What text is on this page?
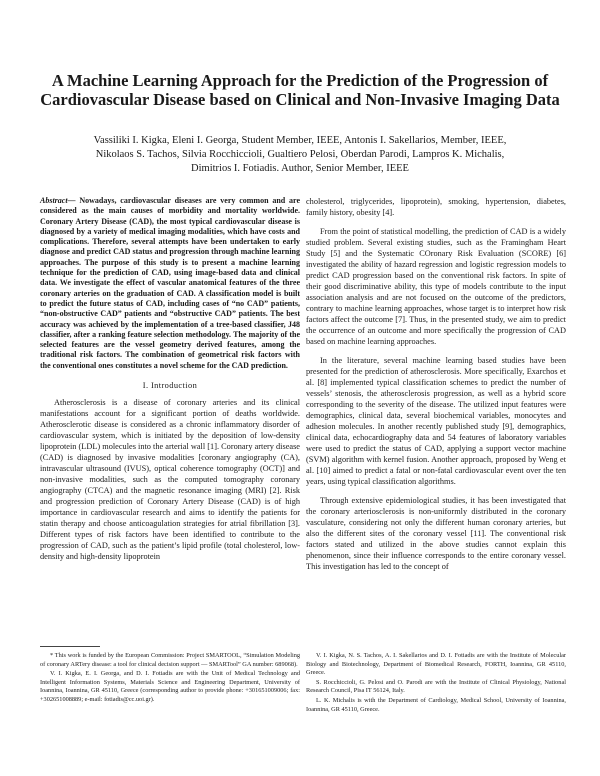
A Machine Learning Approach for the Prediction of the Progression of Cardiovascular Disease based on Clinical and Non-Invasive Imaging Data
Vassiliki I. Kigka, Eleni I. Georga, Student Member, IEEE, Antonis I. Sakellarios, Member, IEEE,
Nikolaos S. Tachos, Silvia Rocchiccioli, Gualtiero Pelosi, Oberdan Parodi, Lampros K. Michalis,
Dimitrios I. Fotiadis. Author, Senior Member, IEEE

Abstract— Nowadays, cardiovascular diseases are very common and are considered as the main causes of morbidity and mortality worldwide. Coronary Artery Disease (CAD), the most typical cardiovascular disease is diagnosed by a variety of medical imaging modalities, which have costs and complications. Therefore, several attempts have been undertaken to early diagnose and predict CAD status and progression through machine learning approaches. The purpose of this study is to present a machine learning technique for the prediction of CAD, using image-based data and clinical data. We investigate the effect of vascular anatomical features of the three coronary arteries on the graduation of CAD. A classification model is built to predict the future status of CAD, including cases of “no CAD” patients, “non-obstructive CAD” patients and “obstructive CAD” patients. The best accuracy was achieved by the implementation of a tree-based classifier, J48 classifier, after a ranking feature selection methodology. The majority of the selected features are the vessel geometry derived features, among the traditional risk factors. The combination of geometrical risk factors with the conventional ones constitutes a novel scheme for the CAD prediction.

I. Introduction

Atherosclerosis is a disease of coronary arteries and its clinical manifestations account for a significant portion of deaths worldwide. Atherosclerotic disease is considered as a chronic inflammatory disorder of cardiovascular system, which is initiated by the deposition of low-density lipoprotein (LDL) molecules into the arterial wall [1]. Coronary artery disease (CAD) is diagnosed by invasive modalities [coronary angiography (CA), intravascular ultrasound (IVUS), optical coherence tomography (OCT)] and non-invasive modalities, such as the computed tomography coronary angiography (CTCA) and the magnetic resonance imaging (MRI) [2]. Risk and progression prediction of Coronary Artery Disease (CAD) is of high importance in cardiovascular research and aims to identify the patients for statin therapy and choose anticoagulation strategies for atrial fibrillation [3]. Different types of risk factors have been identified to contribute to the progression of CAD, such as the patient’s lipid profile (total cholesterol, low-density and high-density lipoprotein

cholesterol, triglycerides, lipoprotein), smoking, hypertension, diabetes, family history, obesity [4].

From the point of statistical modelling, the prediction of CAD is a widely studied problem. Several existing studies, such as the Framingham Heart Study [5] and the Systematic COronary Risk Evaluation (SCORE) [6] investigated the ability of hazard regression and logistic regression models to predict CAD progression based on the conventional risk factors. In spite of their good discriminative ability, this type of models contribute to the input association analysis and are not focused on the outcome of the predictors, contrary to machine learning approaches, whose target is to interpret how risk factors affect the outcome [7]. Thus, in the presented study, we aim to predict the occurrence of an outcome and more specifically the progression of CAD based on machine learning approaches.

In the literature, several machine learning based studies have been presented for the prediction of atherosclerosis. More specifically, Exarchos et al. [8] implemented typical classification schemes to predict the number of vessels’ stenosis, the atherosclerosis progression, as well as a hybrid score corresponding to the severity of the disease. The utilized input features were demographics, clinical data, several biochemical variables, monocytes and adhesion molecules. In another recently published study [9], demographics, clinical data, echocardiography data and 54 features of laboratory variables were used to predict the status of CAD, applying a support vector machine (SVM) algorithm with kernel fusion. Another approach, proposed by Weng et al. [10] aimed to predict a fatal or non-fatal cardiovascular event over the ten years, using typical classification algorithms.

Through extensive epidemiological studies, it has been investigated that the coronary arteriosclerosis is non-uniformly distributed in the coronary vasculature, considering not only the different human coronary arteries, but also the different sites of the coronary vessel [11]. The conventional risk factors stated and utilized in the above studies cannot explain this phenomenon, since their influence corresponds to the entire coronary vessel. This investigation has led to the concept of

* This work is funded by the European Commission: Project SMARTOOL, “Simulation Modeling of coronary ARTery disease: a tool for clinical decision support — SMARTool” GA number: 689068).

V. I. Kigka, E. I. Georga, and D. I. Fotiadis are with the Unit of Medical Technology and Intelligent Information Systems, Materials Science and Engineering Department, University of Ioannina, Ioannina, GR 45110, Greece (corresponding author to provide phone: +301651009006; fax: +302651008889; e-mail: fotiadis@cc.uoi.gr).

V. I. Kigka, N. S. Tachos, A. I. Sakellarios and D. I. Fotiadis are with the Institute of Molecular Biology and Biotechnology, Department of Biomedical Research, FORTH, Ioannina, GR 45110, Greece.

S. Rocchiccioli, G. Pelosi and O. Parodi are with the Institute of Clinical Physiology, National Research Council, Pisa IT 56124, Italy.

L. K. Michalis is with the Department of Cardiology, Medical School, University of Ioannina, Ioannina, GR 45110, Greece.
